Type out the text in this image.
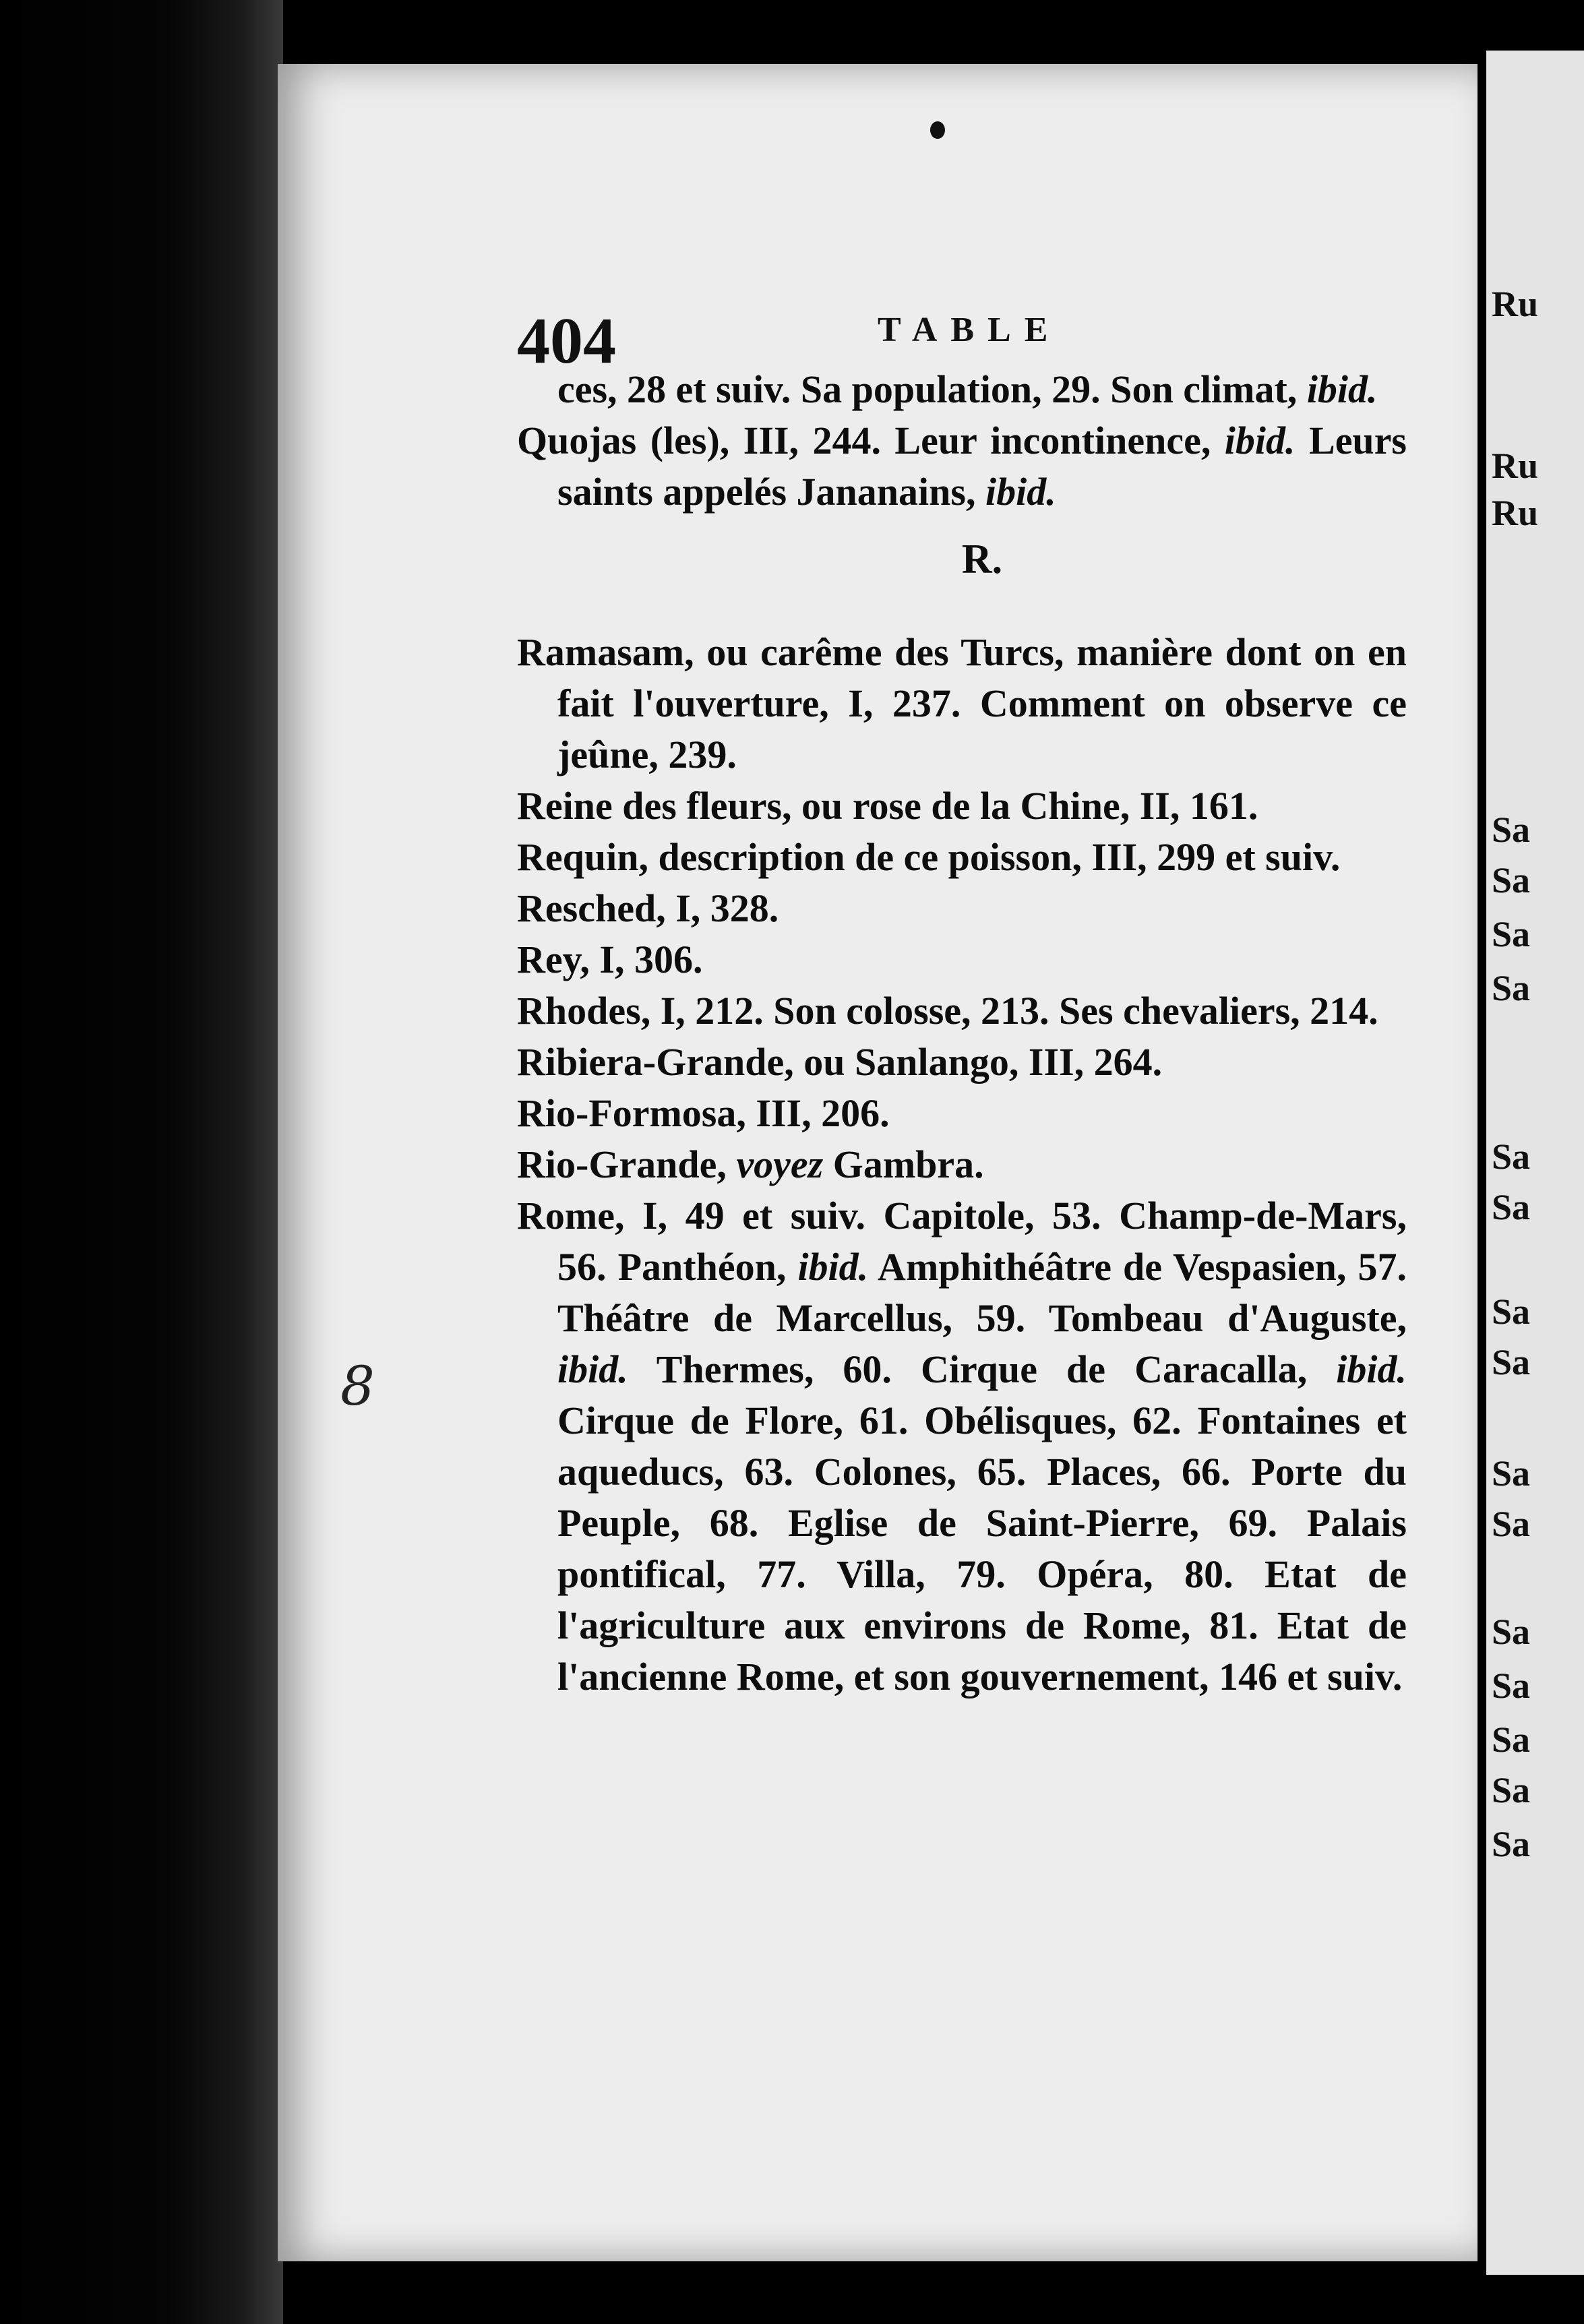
Ru
Ru
Ru
Sa
Sa
Sa
Sa
Sa
Sa
Sa
Sa
Sa
Sa
Sa
Sa
Sa
Sa
Sa
404	TABLE

ces, 28 et suiv. Sa population, 29. Son climat, ibid.

Quojas (les), III, 244. Leur incontinence, ibid. Leurs saints appelés Jananains, ibid.

R.

Ramasam, ou carême des Turcs, manière dont on en fait l'ouverture, I, 237. Comment on observe ce jeûne, 239.

Reine des fleurs, ou rose de la Chine, II, 161.

Requin, description de ce poisson, III, 299 et suiv.

Resched, I, 328.

Rey, I, 306.

Rhodes, I, 212. Son colosse, 213. Ses chevaliers, 214.

Ribiera-Grande, ou Sanlango, III, 264.

Rio-Formosa, III, 206.

Rio-Grande, voyez Gambra.

Rome, I, 49 et suiv. Capitole, 53. Champ-de-Mars, 56. Panthéon, ibid. Amphithéâtre de Vespasien, 57. Théâtre de Marcellus, 59. Tombeau d'Auguste, ibid. Thermes, 60. Cirque de Caracalla, ibid. Cirque de Flore, 61. Obélisques, 62. Fontaines et aqueducs, 63. Colones, 65. Places, 66. Porte du Peuple, 68. Eglise de Saint-Pierre, 69. Palais pontifical, 77. Villa, 79. Opéra, 80. Etat de l'agriculture aux environs de Rome, 81. Etat de l'ancienne Rome, et son gouvernement, 146 et suiv.

8
